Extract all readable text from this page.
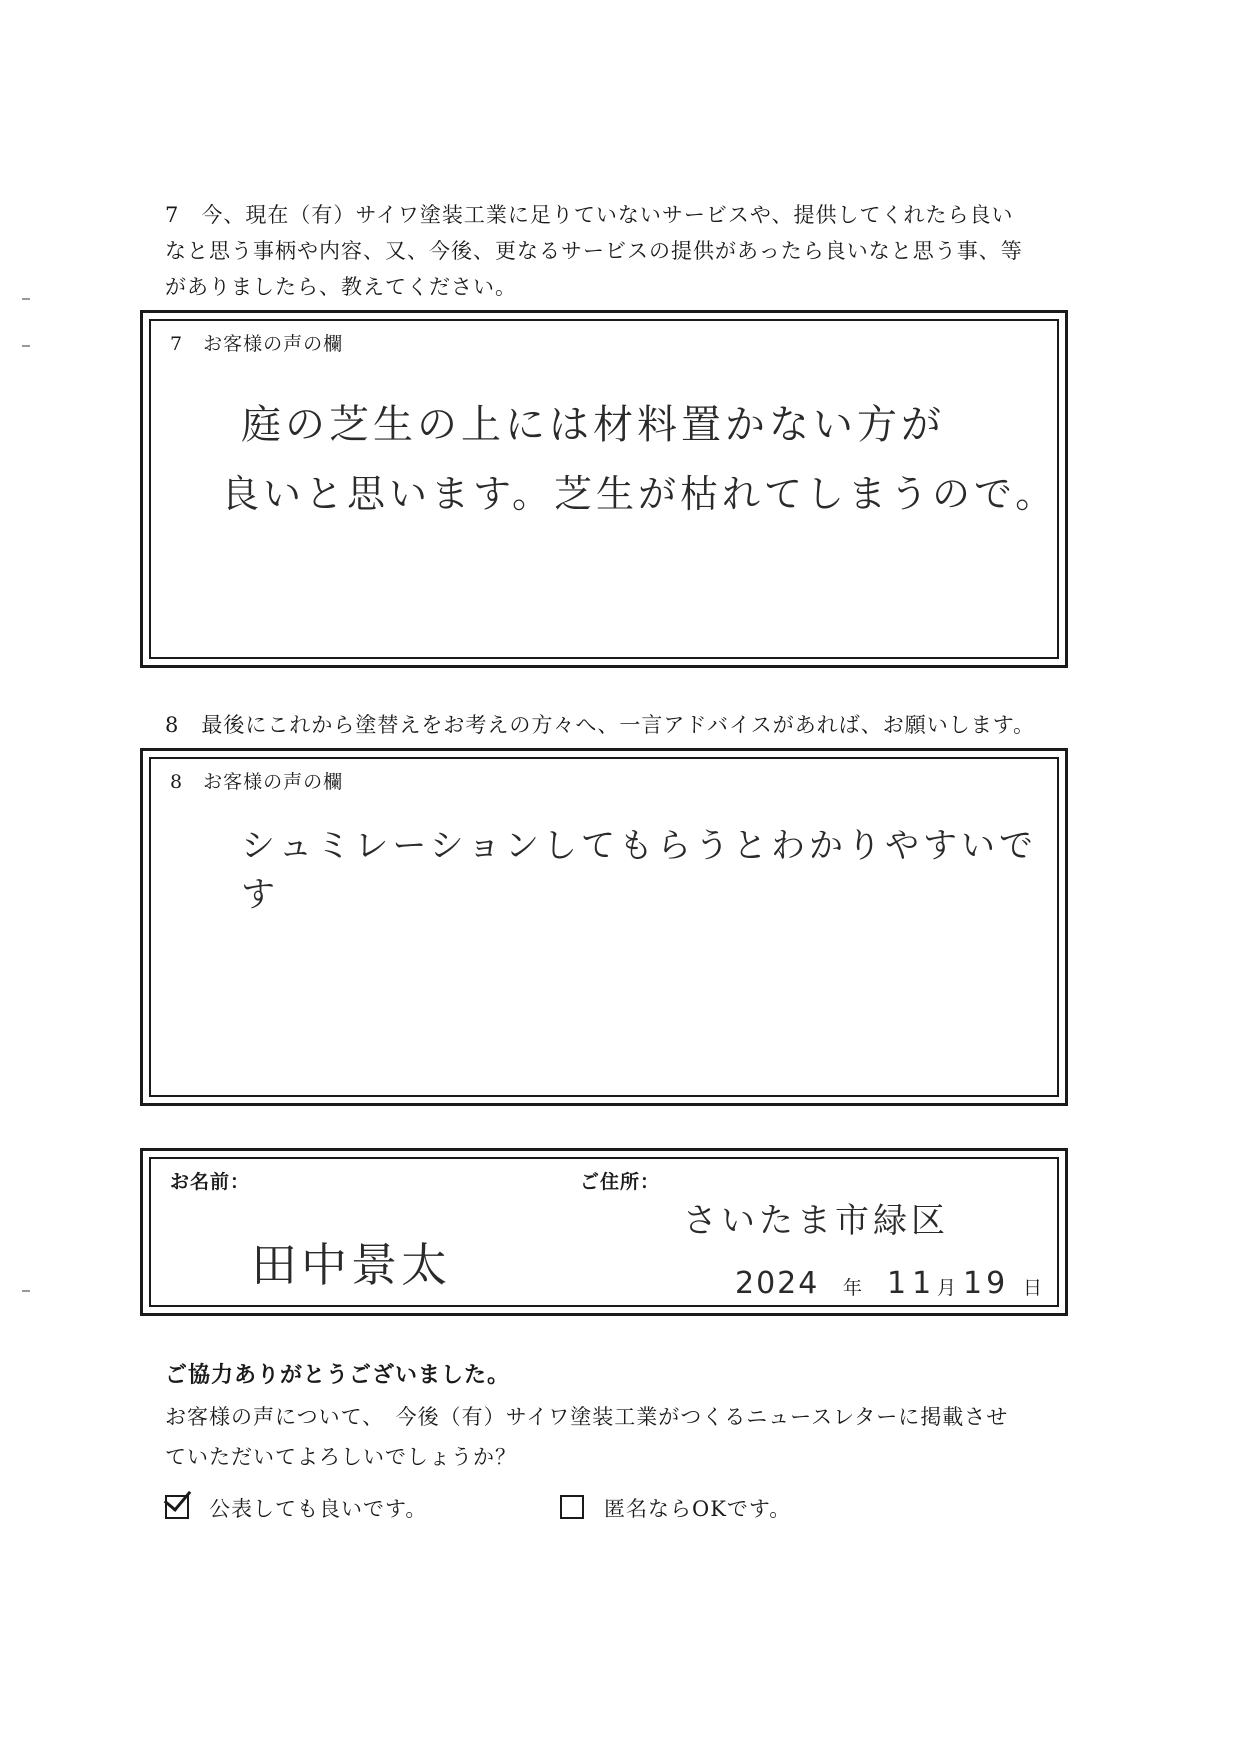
7　今、現在（有）サイワ塗装工業に足りていないサービスや、提供してくれたら良い
なと思う事柄や内容、又、今後、更なるサービスの提供があったら良いなと思う事、等
がありましたら、教えてください。
7　お客様の声の欄
庭の芝生の上には材料置かない方が
良いと思います。芝生が枯れてしまうので。
8　最後にこれから塗替えをお考えの方々へ、一言アドバイスがあれば、お願いします。
8　お客様の声の欄
シュミレーションしてもらうとわかりやすいです
お名前：	ご住所：
田中景太
さいたま市緑区
2024 年 11 月 19 日
ご協力ありがとうございました。
お客様の声について、　今後（有）サイワ塗装工業がつくるニュースレターに掲載させ
ていただいてよろしいでしょうか？
公表しても良いです。	匿名ならOKです。
